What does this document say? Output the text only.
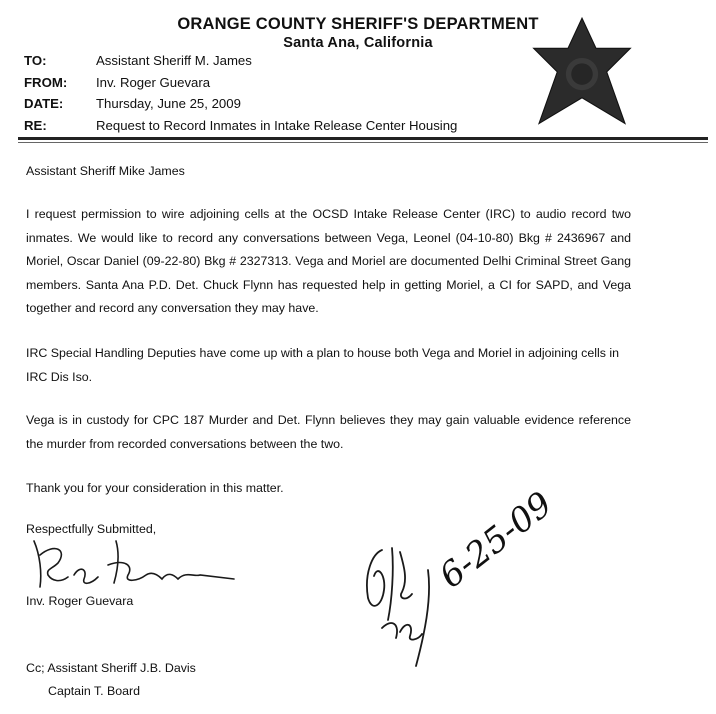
ORANGE COUNTY SHERIFF'S DEPARTMENT
Santa Ana, California
TO:	Assistant Sheriff M. James
FROM: Inv. Roger Guevara
DATE: Thursday, June 25, 2009
RE:	Request to Record Inmates in Intake Release Center Housing

Assistant Sheriff Mike James

I request permission to wire adjoining cells at the OCSD Intake Release Center (IRC) to audio record two inmates. We would like to record any conversations between Vega, Leonel (04-10-80) Bkg # 2436967 and Moriel, Oscar Daniel (09-22-80) Bkg # 2327313. Vega and Moriel are documented Delhi Criminal Street Gang members. Santa Ana P.D. Det. Chuck Flynn has requested help in getting Moriel, a CI for SAPD, and Vega together and record any conversation they may have.

IRC Special Handling Deputies have come up with a plan to house both Vega and Moriel in adjoining cells in IRC Dis Iso.

Vega is in custody for CPC 187 Murder and Det. Flynn believes they may gain valuable evidence reference the murder from recorded conversations between the two.

Thank you for your consideration in this matter.

Respectfully Submitted,	6-25-09

Inv. Roger Guevara

Cc; Assistant Sheriff J.B. Davis

Captain T. Board
